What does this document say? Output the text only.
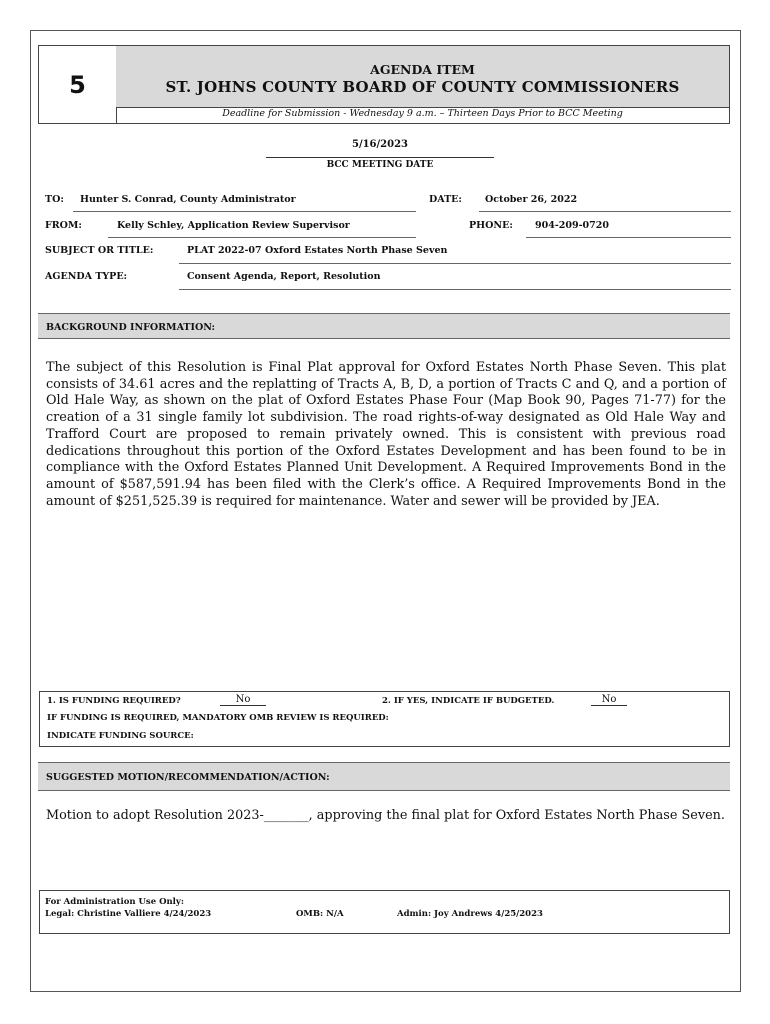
5
AGENDA ITEM
ST. JOHNS COUNTY BOARD OF COUNTY COMMISSIONERS
Deadline for Submission - Wednesday 9 a.m. – Thirteen Days Prior to BCC Meeting
5/16/2023
BCC MEETING DATE
TO: Hunter S. Conrad, County Administrator	DATE: October 26, 2022
FROM:	Kelly Schley, Application Review Supervisor	PHONE: 904-209-0720
SUBJECT OR TITLE:	PLAT 2022-07 Oxford Estates North Phase Seven
AGENDA TYPE:	Consent Agenda, Report, Resolution
BACKGROUND INFORMATION:
The subject of this Resolution is Final Plat approval for Oxford Estates North Phase Seven. This plat consists of 34.61 acres and the replatting of Tracts A, B, D, a portion of Tracts C and Q, and a portion of Old Hale Way, as shown on the plat of Oxford Estates Phase Four (Map Book 90, Pages 71-77) for the creation of a 31 single family lot subdivision. The road rights-of-way designated as Old Hale Way and Trafford Court are proposed to remain privately owned. This is consistent with previous road dedications throughout this portion of the Oxford Estates Development and has been found to be in compliance with the Oxford Estates Planned Unit Development. A Required Improvements Bond in the amount of $587,591.94 has been filed with the Clerk’s office. A Required Improvements Bond in the amount of $251,525.39 is required for maintenance. Water and sewer will be provided by JEA.
1. IS FUNDING REQUIRED?	No	2. IF YES, INDICATE IF BUDGETED.	No
IF FUNDING IS REQUIRED, MANDATORY OMB REVIEW IS REQUIRED:
INDICATE FUNDING SOURCE:
SUGGESTED MOTION/RECOMMENDATION/ACTION:
Motion to adopt Resolution 2023-_______, approving the final plat for Oxford Estates North Phase Seven.
For Administration Use Only:
Legal: Christine Valliere 4/24/2023	OMB: N/A	Admin: Joy Andrews 4/25/2023
